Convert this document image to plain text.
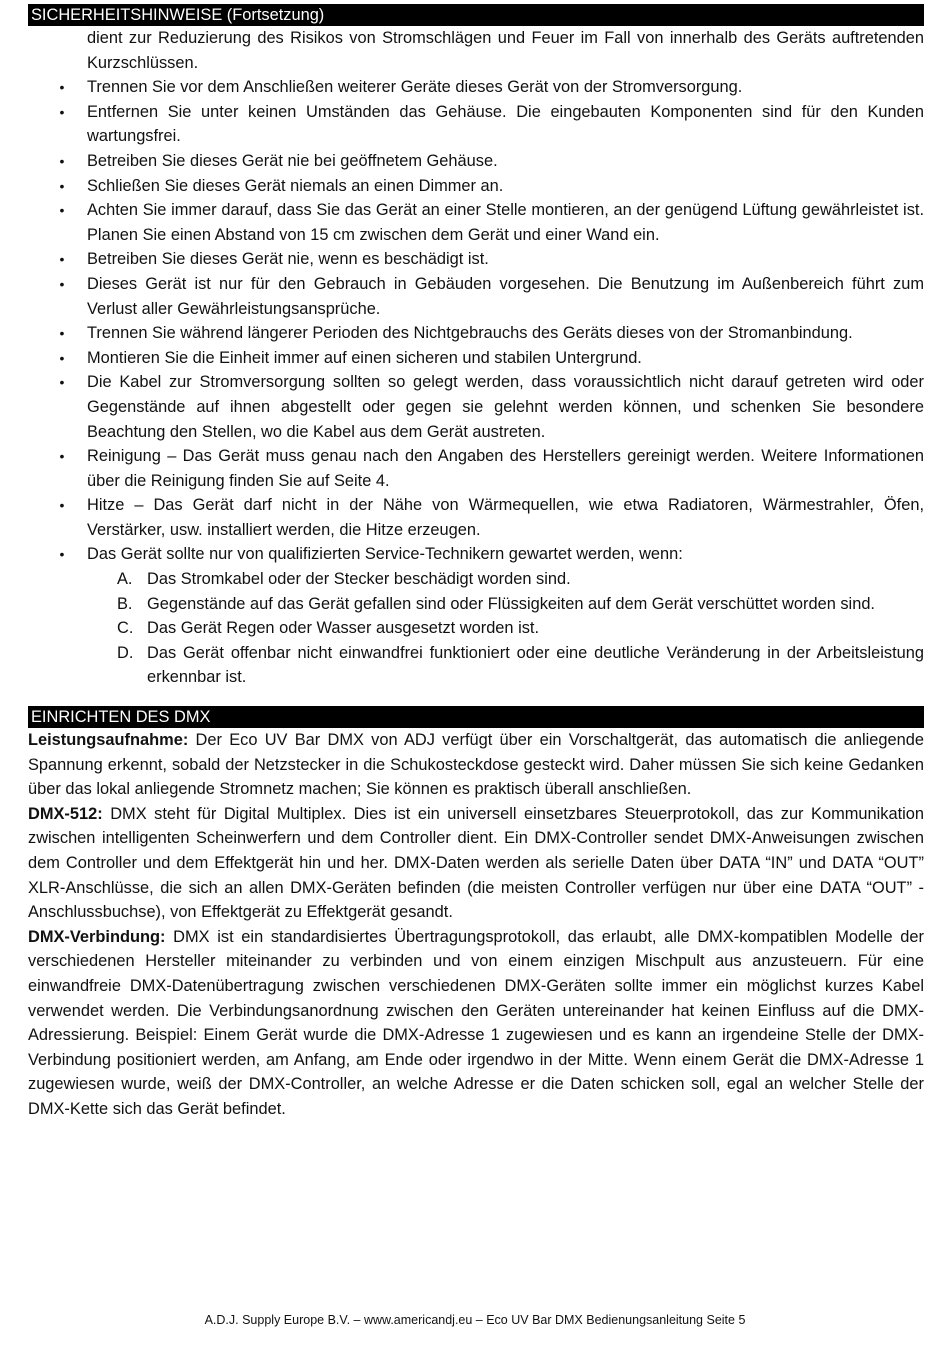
SICHERHEITSHINWEISE (Fortsetzung)
dient zur Reduzierung des Risikos von Stromschlägen und Feuer im Fall von innerhalb des Geräts auftretenden Kurzschlüssen.
• Trennen Sie vor dem Anschließen weiterer Geräte dieses Gerät von der Stromversorgung.
• Entfernen Sie unter keinen Umständen das Gehäuse. Die eingebauten Komponenten sind für den Kunden wartungsfrei.
• Betreiben Sie dieses Gerät nie bei geöffnetem Gehäuse.
• Schließen Sie dieses Gerät niemals an einen Dimmer an.
• Achten Sie immer darauf, dass Sie das Gerät an einer Stelle montieren, an der genügend Lüftung gewährleistet ist. Planen Sie einen Abstand von 15 cm zwischen dem Gerät und einer Wand ein.
• Betreiben Sie dieses Gerät nie, wenn es beschädigt ist.
• Dieses Gerät ist nur für den Gebrauch in Gebäuden vorgesehen. Die Benutzung im Außenbereich führt zum Verlust aller Gewährleistungsansprüche.
• Trennen Sie während längerer Perioden des Nichtgebrauchs des Geräts dieses von der Stromanbindung.
• Montieren Sie die Einheit immer auf einen sicheren und stabilen Untergrund.
• Die Kabel zur Stromversorgung sollten so gelegt werden, dass voraussichtlich nicht darauf getreten wird oder Gegenstände auf ihnen abgestellt oder gegen sie gelehnt werden können, und schenken Sie besondere Beachtung den Stellen, wo die Kabel aus dem Gerät austreten.
• Reinigung – Das Gerät muss genau nach den Angaben des Herstellers gereinigt werden. Weitere Informationen über die Reinigung finden Sie auf Seite 4.
• Hitze – Das Gerät darf nicht in der Nähe von Wärmequellen, wie etwa Radiatoren, Wärmestrahler, Öfen, Verstärker, usw. installiert werden, die Hitze erzeugen.
• Das Gerät sollte nur von qualifizierten Service-Technikern gewartet werden, wenn:
A. Das Stromkabel oder der Stecker beschädigt worden sind.
B. Gegenstände auf das Gerät gefallen sind oder Flüssigkeiten auf dem Gerät verschüttet worden sind.
C. Das Gerät Regen oder Wasser ausgesetzt worden ist.
D. Das Gerät offenbar nicht einwandfrei funktioniert oder eine deutliche Veränderung in der Arbeitsleistung erkennbar ist.
EINRICHTEN DES DMX
Leistungsaufnahme: Der Eco UV Bar DMX von ADJ verfügt über ein Vorschaltgerät, das automatisch die anliegende Spannung erkennt, sobald der Netzstecker in die Schukosteckdose gesteckt wird. Daher müssen Sie sich keine Gedanken über das lokal anliegende Stromnetz machen; Sie können es praktisch überall anschließen.
DMX-512: DMX steht für Digital Multiplex. Dies ist ein universell einsetzbares Steuerprotokoll, das zur Kommunikation zwischen intelligenten Scheinwerfern und dem Controller dient. Ein DMX-Controller sendet DMX-Anweisungen zwischen dem Controller und dem Effektgerät hin und her. DMX-Daten werden als serielle Daten über DATA “IN” und DATA “OUT” XLR-Anschlüsse, die sich an allen DMX-Geräten befinden (die meisten Controller verfügen nur über eine DATA “OUT” - Anschlussbuchse), von Effektgerät zu Effektgerät gesandt.
DMX-Verbindung: DMX ist ein standardisiertes Übertragungsprotokoll, das erlaubt, alle DMX-kompatiblen Modelle der verschiedenen Hersteller miteinander zu verbinden und von einem einzigen Mischpult aus anzusteuern. Für eine einwandfreie DMX-Datenübertragung zwischen verschiedenen DMX-Geräten sollte immer ein möglichst kurzes Kabel verwendet werden. Die Verbindungsanordnung zwischen den Geräten untereinander hat keinen Einfluss auf die DMX-Adressierung. Beispiel: Einem Gerät wurde die DMX-Adresse 1 zugewiesen und es kann an irgendeine Stelle der DMX-Verbindung positioniert werden, am Anfang, am Ende oder irgendwo in der Mitte. Wenn einem Gerät die DMX-Adresse 1 zugewiesen wurde, weiß der DMX-Controller, an welche Adresse er die Daten schicken soll, egal an welcher Stelle der DMX-Kette sich das Gerät befindet.
A.D.J. Supply Europe B.V. – www.americandj.eu – Eco UV Bar DMX Bedienungsanleitung Seite 5
